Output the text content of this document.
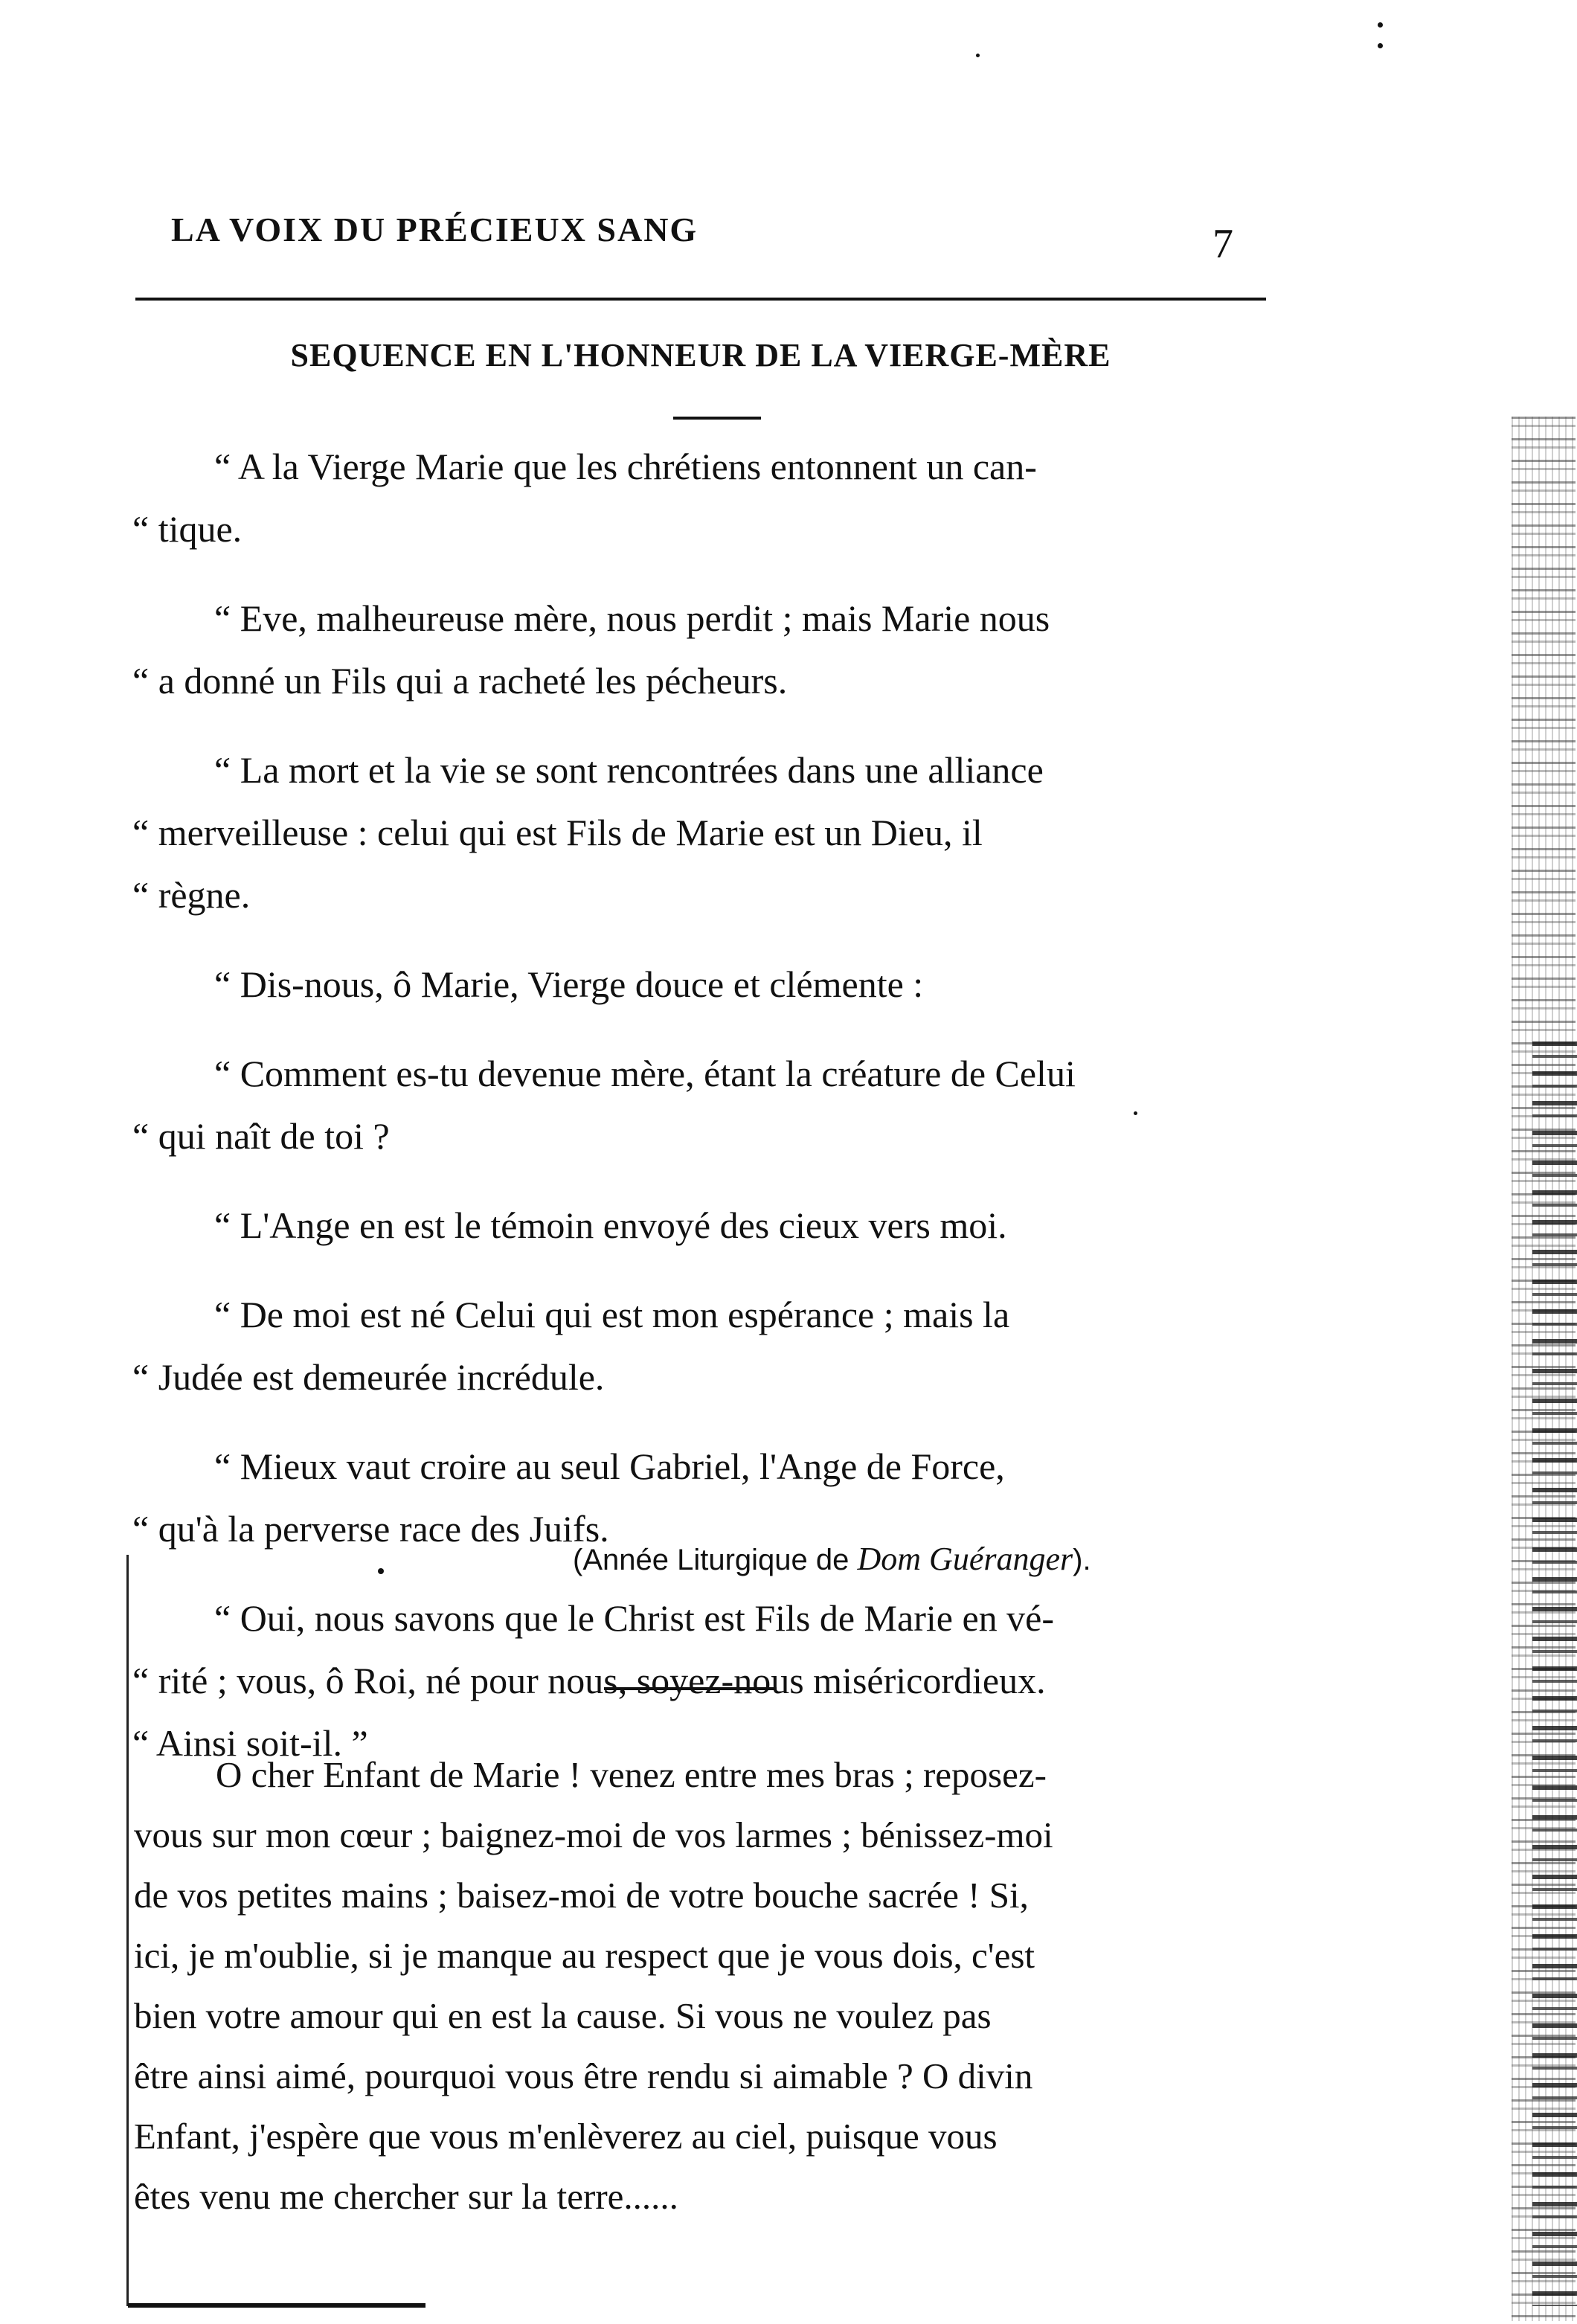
LA VOIX DU PRÉCIEUX SANG	7
SEQUENCE EN L'HONNEUR DE LA VIERGE-MÈRE

“ A la Vierge Marie que les chrétiens entonnent un can-
“ tique.

“ Eve, malheureuse mère, nous perdit ; mais Marie nous
“ a donné un Fils qui a racheté les pécheurs.

“ La mort et la vie se sont rencontrées dans une alliance
“ merveilleuse : celui qui est Fils de Marie est un Dieu, il
“ règne.

“ Dis-nous, ô Marie, Vierge douce et clémente :

“ Comment es-tu devenue mère, étant la créature de Celui
“ qui naît de toi ?

“ L'Ange en est le témoin envoyé des cieux vers moi.

“ De moi est né Celui qui est mon espérance ; mais la
“ Judée est demeurée incrédule.

“ Mieux vaut croire au seul Gabriel, l'Ange de Force,
“ qu'à la perverse race des Juifs.

“ Oui, nous savons que le Christ est Fils de Marie en vé-
“ rité ; vous, ô Roi, né pour nous, soyez-nous miséricordieux.
“ Ainsi soit-il. ”

(Année Liturgique de Dom Guéranger).
O cher Enfant de Marie ! venez entre mes bras ; reposez-
vous sur mon cœur ; baignez-moi de vos larmes ; bénissez-moi
de vos petites mains ; baisez-moi de votre bouche sacrée ! Si,
ici, je m'oublie, si je manque au respect que je vous dois, c'est
bien votre amour qui en est la cause. Si vous ne voulez pas
être ainsi aimé, pourquoi vous être rendu si aimable ? O divin
Enfant, j'espère que vous m'enlèverez au ciel, puisque vous
êtes venu me chercher sur la terre......
